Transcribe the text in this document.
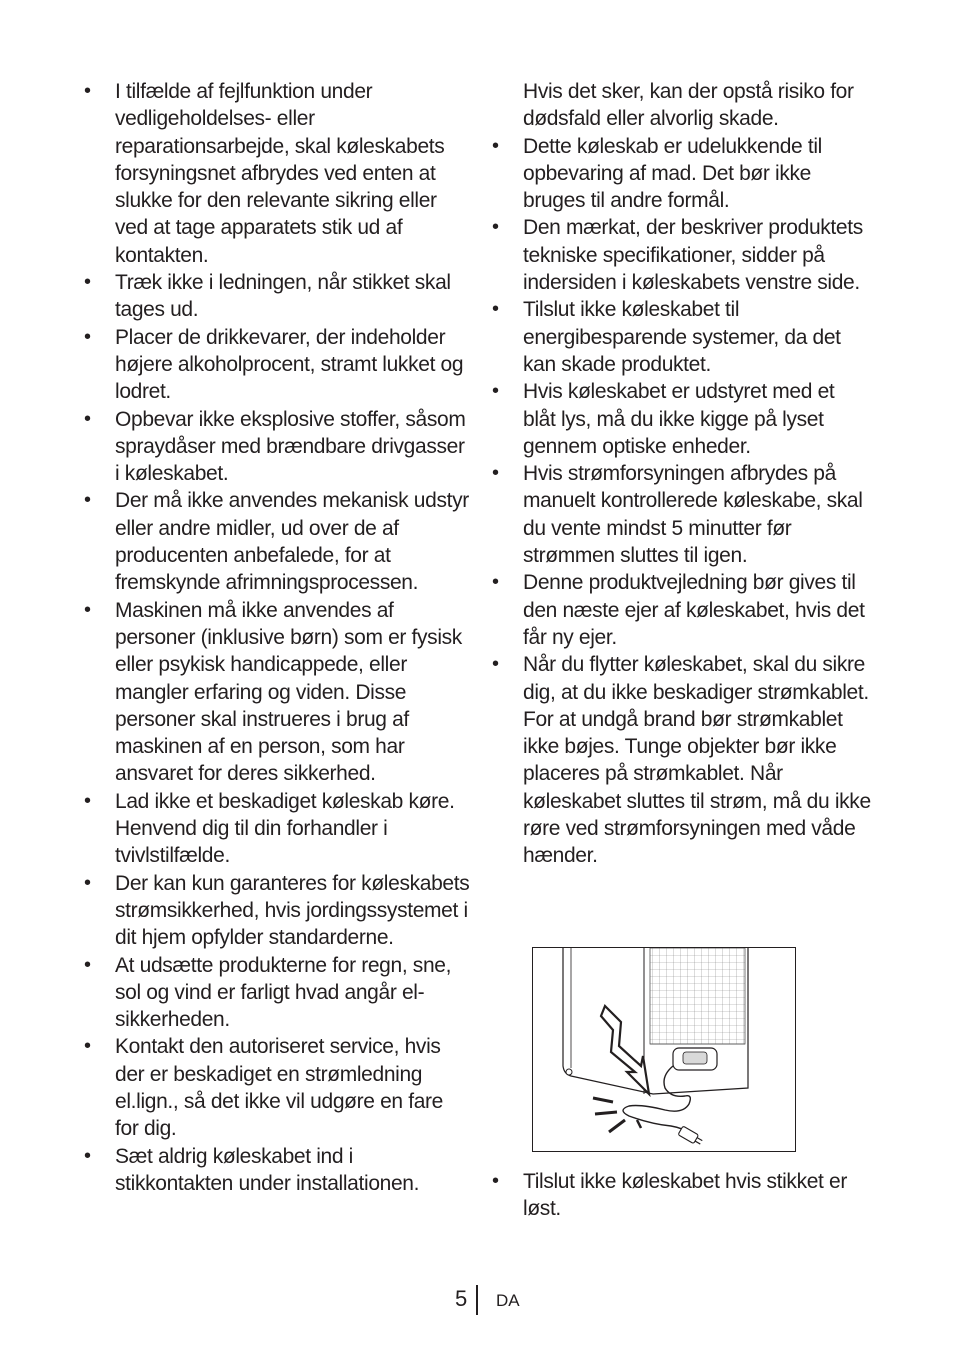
• I tilfælde af fejlfunktion under vedligeholdelses- eller reparationsarbejde, skal køleskabets forsyningsnet afbrydes ved enten at slukke for den relevante sikring eller ved at tage apparatets stik ud af kontakten.
• Træk ikke i ledningen, når stikket skal tages ud.
• Placer de drikkevarer, der indeholder højere alkoholprocent, stramt lukket og lodret.
• Opbevar ikke eksplosive stoffer, såsom spraydåser med brændbare drivgasser i køleskabet.
• Der må ikke anvendes mekanisk udstyr eller andre midler, ud over de af producenten anbefalede, for at fremskynde afrimningsprocessen.
• Maskinen må ikke anvendes af personer (inklusive børn) som er fysisk eller psykisk handicappede, eller mangler erfaring og viden. Disse personer skal instrueres i brug af maskinen af en person, som har ansvaret for deres sikkerhed.
• Lad ikke et beskadiget køleskab køre. Henvend dig til din forhandler i tvivlstilfælde.
• Der kan kun garanteres for køleskabets strømsikkerhed, hvis jordingssystemet i dit hjem opfylder standarderne.
• At udsætte produkterne for regn, sne, sol og vind er farligt hvad angår el-sikkerheden.
• Kontakt den autoriseret service, hvis der er beskadiget en strømledning el.lign., så det ikke vil udgøre en fare for dig.
• Sæt aldrig køleskabet ind i stikkontakten under installationen.
Hvis det sker, kan der opstå risiko for dødsfald eller alvorlig skade.
• Dette køleskab er udelukkende til opbevaring af mad. Det bør ikke bruges til andre formål.
• Den mærkat, der beskriver produktets tekniske specifikationer, sidder på indersiden i køleskabets venstre side.
• Tilslut ikke køleskabet til energibesparende systemer, da det kan skade produktet.
• Hvis køleskabet er udstyret med et blåt lys, må du ikke kigge på lyset gennem optiske enheder.
• Hvis strømforsyningen afbrydes på manuelt kontrollerede køleskabe, skal du vente mindst 5 minutter før strømmen sluttes til igen.
• Denne produktvejledning bør gives til den næste ejer af køleskabet, hvis det får ny ejer.
• Når du flytter køleskabet, skal du sikre dig, at du ikke beskadiger strømkablet. For at undgå brand bør strømkablet ikke bøjes. Tunge objekter bør ikke placeres på strømkablet. Når køleskabet sluttes til strøm, må du ikke røre ved strømforsyningen med våde hænder.
• Tilslut ikke køleskabet hvis stikket er løst.
5 DA
